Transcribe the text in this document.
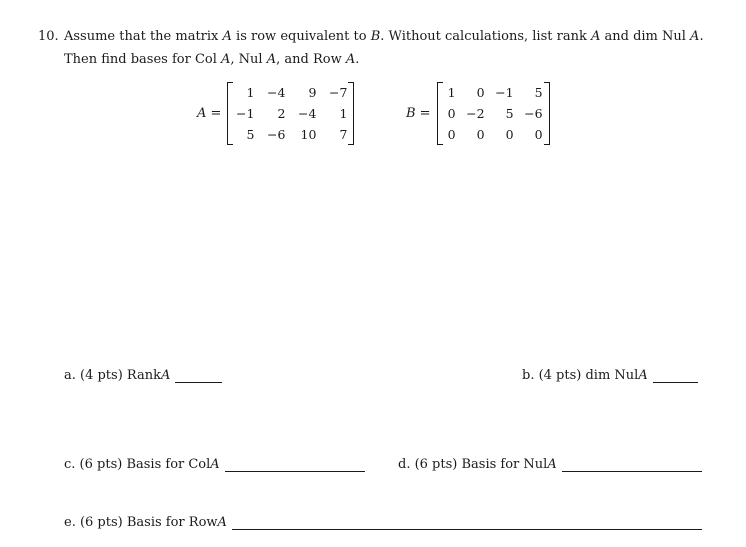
10. Assume that the matrix A is row equivalent to B. Without calculations, list rank A and dim Nul A.
Then find bases for Col A, Nul A, and Row A.
A =
1	−4	9	−7
−1	2	−4	1
5	−6	10	7
B =
1	0	−1	5
0	−2	5	−6
0	0	0	0
a. (4 pts) Rank A	b. (4 pts) dim Nul A
c. (6 pts) Basis for Col A	d. (6 pts) Basis for Nul A
e. (6 pts) Basis for Row A
